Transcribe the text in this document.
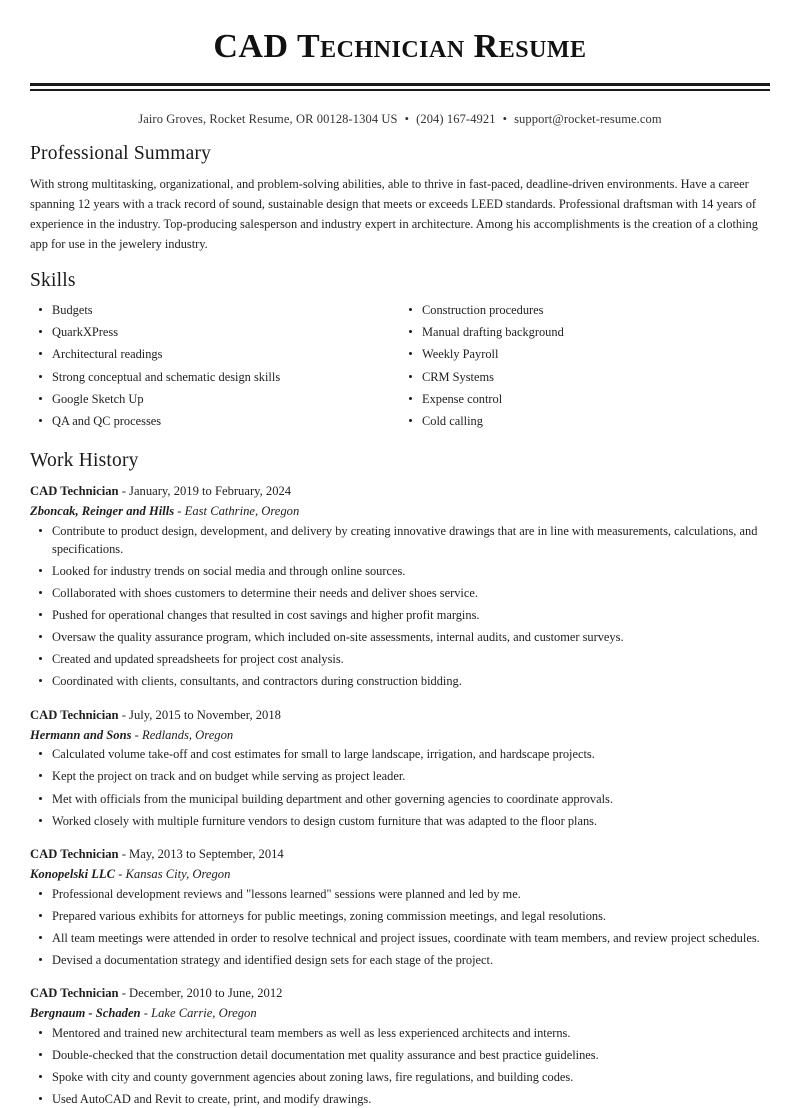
CAD Technician Resume
Jairo Groves, Rocket Resume, OR 00128-1304 US • (204) 167-4921 • support@rocket-resume.com
Professional Summary

With strong multitasking, organizational, and problem-solving abilities, able to thrive in fast-paced, deadline-driven environments. Have a career spanning 12 years with a track record of sound, sustainable design that meets or exceeds LEED standards. Professional draftsman with 14 years of experience in the industry. Top-producing salesperson and industry expert in architecture. Among his accomplishments is the creation of a clothing app for use in the jewelery industry.

Skills
Budgets
QuarkXPress
Architectural readings
Strong conceptual and schematic design skills
Google Sketch Up
QA and QC processes
Construction procedures
Manual drafting background
Weekly Payroll
CRM Systems
Expense control
Cold calling
Work History
CAD Technician - January, 2019 to February, 2024
Zboncak, Reinger and Hills - East Cathrine, Oregon
Contribute to product design, development, and delivery by creating innovative drawings that are in line with measurements, calculations, and specifications.
Looked for industry trends on social media and through online sources.
Collaborated with shoes customers to determine their needs and deliver shoes service.
Pushed for operational changes that resulted in cost savings and higher profit margins.
Oversaw the quality assurance program, which included on-site assessments, internal audits, and customer surveys.
Created and updated spreadsheets for project cost analysis.
Coordinated with clients, consultants, and contractors during construction bidding.
CAD Technician - July, 2015 to November, 2018
Hermann and Sons - Redlands, Oregon
Calculated volume take-off and cost estimates for small to large landscape, irrigation, and hardscape projects.
Kept the project on track and on budget while serving as project leader.
Met with officials from the municipal building department and other governing agencies to coordinate approvals.
Worked closely with multiple furniture vendors to design custom furniture that was adapted to the floor plans.
CAD Technician - May, 2013 to September, 2014
Konopelski LLC - Kansas City, Oregon
Professional development reviews and "lessons learned" sessions were planned and led by me.
Prepared various exhibits for attorneys for public meetings, zoning commission meetings, and legal resolutions.
All team meetings were attended in order to resolve technical and project issues, coordinate with team members, and review project schedules.
Devised a documentation strategy and identified design sets for each stage of the project.
CAD Technician - December, 2010 to June, 2012
Bergnaum - Schaden - Lake Carrie, Oregon
Mentored and trained new architectural team members as well as less experienced architects and interns.
Double-checked that the construction detail documentation met quality assurance and best practice guidelines.
Spoke with city and county government agencies about zoning laws, fire regulations, and building codes.
Used AutoCAD and Revit to create, print, and modify drawings.
